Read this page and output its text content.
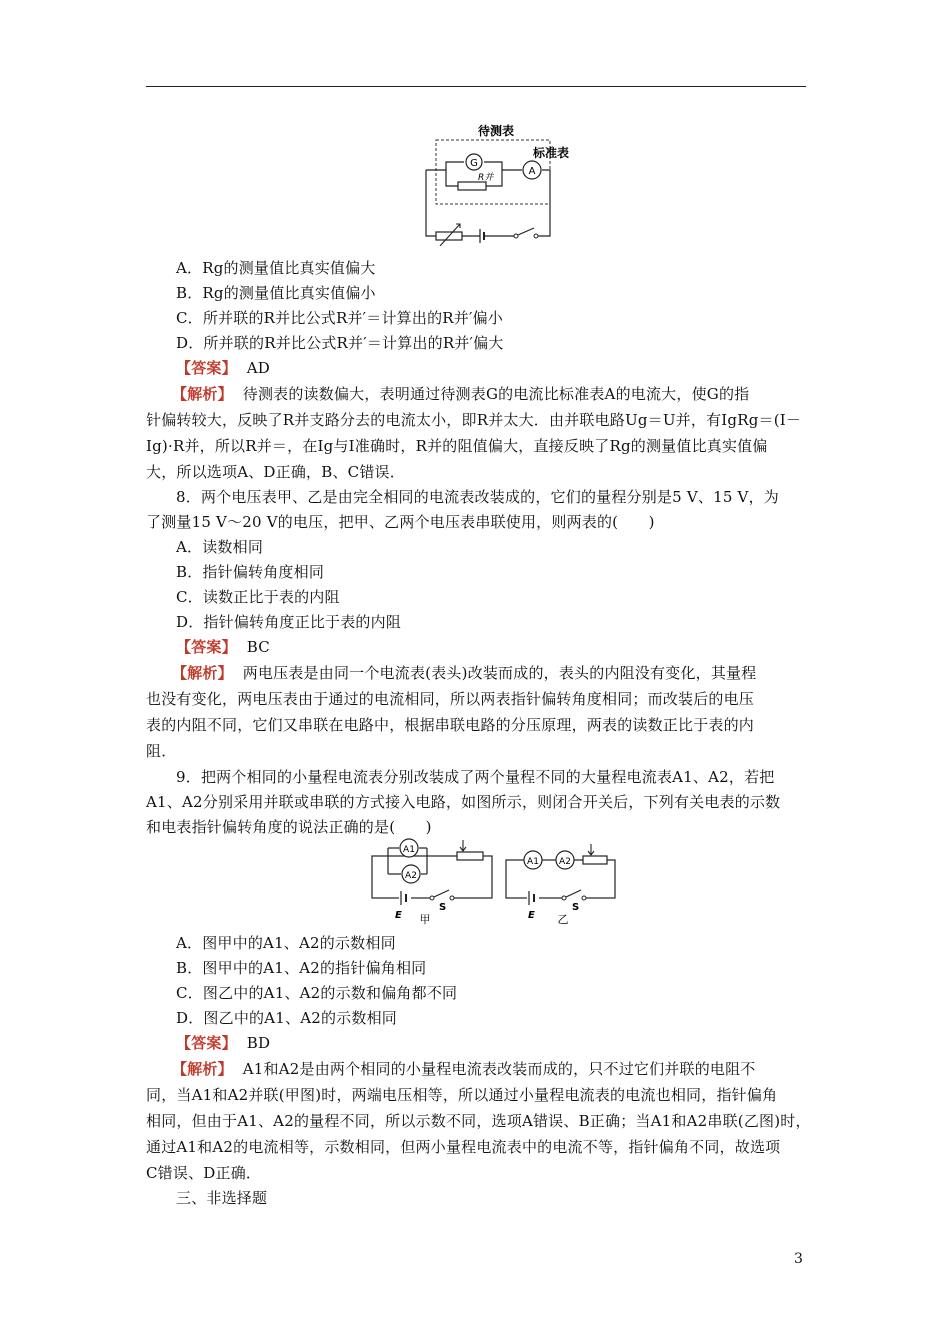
待测表
标准表
G
R并
A
A．Rg的测量值比真实值偏大
B．Rg的测量值比真实值偏小
C．所并联的R并比公式R并′＝计算出的R并′偏小
D．所并联的R并比公式R并′＝计算出的R并′偏大
【答案】 AD
【解析】 待测表的读数偏大，表明通过待测表G的电流比标准表A的电流大，使G的指
针偏转较大，反映了R并支路分去的电流太小，即R并太大．由并联电路Ug＝U并，有IgRg＝(I－
Ig)·R并，所以R并＝，在Ig与I准确时，R并的阻值偏大，直接反映了Rg的测量值比真实值偏
大，所以选项A、D正确，B、C错误．
8．两个电压表甲、乙是由完全相同的电流表改装成的，它们的量程分别是5 V、15 V，为
了测量15 V～20 V的电压，把甲、乙两个电压表串联使用，则两表的(　　)
A．读数相同
B．指针偏转角度相同
C．读数正比于表的内阻
D．指针偏转角度正比于表的内阻
【答案】 BC
【解析】 两电压表是由同一个电流表(表头)改装而成的，表头的内阻没有变化，其量程
也没有变化，两电压表由于通过的电流相同，所以两表指针偏转角度相同；而改装后的电压
表的内阻不同，它们又串联在电路中，根据串联电路的分压原理，两表的读数正比于表的内
阻．
9．把两个相同的小量程电流表分别改装成了两个量程不同的大量程电流表A1、A2，若把
A1、A2分别采用并联或串联的方式接入电路，如图所示，则闭合开关后，下列有关电表的示数
和电表指针偏转角度的说法正确的是(　　)
A1
A2
E
S
甲
A1 A2
E
S
乙
A．图甲中的A1、A2的示数相同
B．图甲中的A1、A2的指针偏角相同
C．图乙中的A1、A2的示数和偏角都不同
D．图乙中的A1、A2的示数相同
【答案】 BD
【解析】 A1和A2是由两个相同的小量程电流表改装而成的，只不过它们并联的电阻不
同，当A1和A2并联(甲图)时，两端电压相等，所以通过小量程电流表的电流也相同，指针偏角
相同，但由于A1、A2的量程不同，所以示数不同，选项A错误、B正确；当A1和A2串联(乙图)时，
通过A1和A2的电流相等，示数相同，但两小量程电流表中的电流不等，指针偏角不同，故选项
C错误、D正确．
三、非选择题
3
